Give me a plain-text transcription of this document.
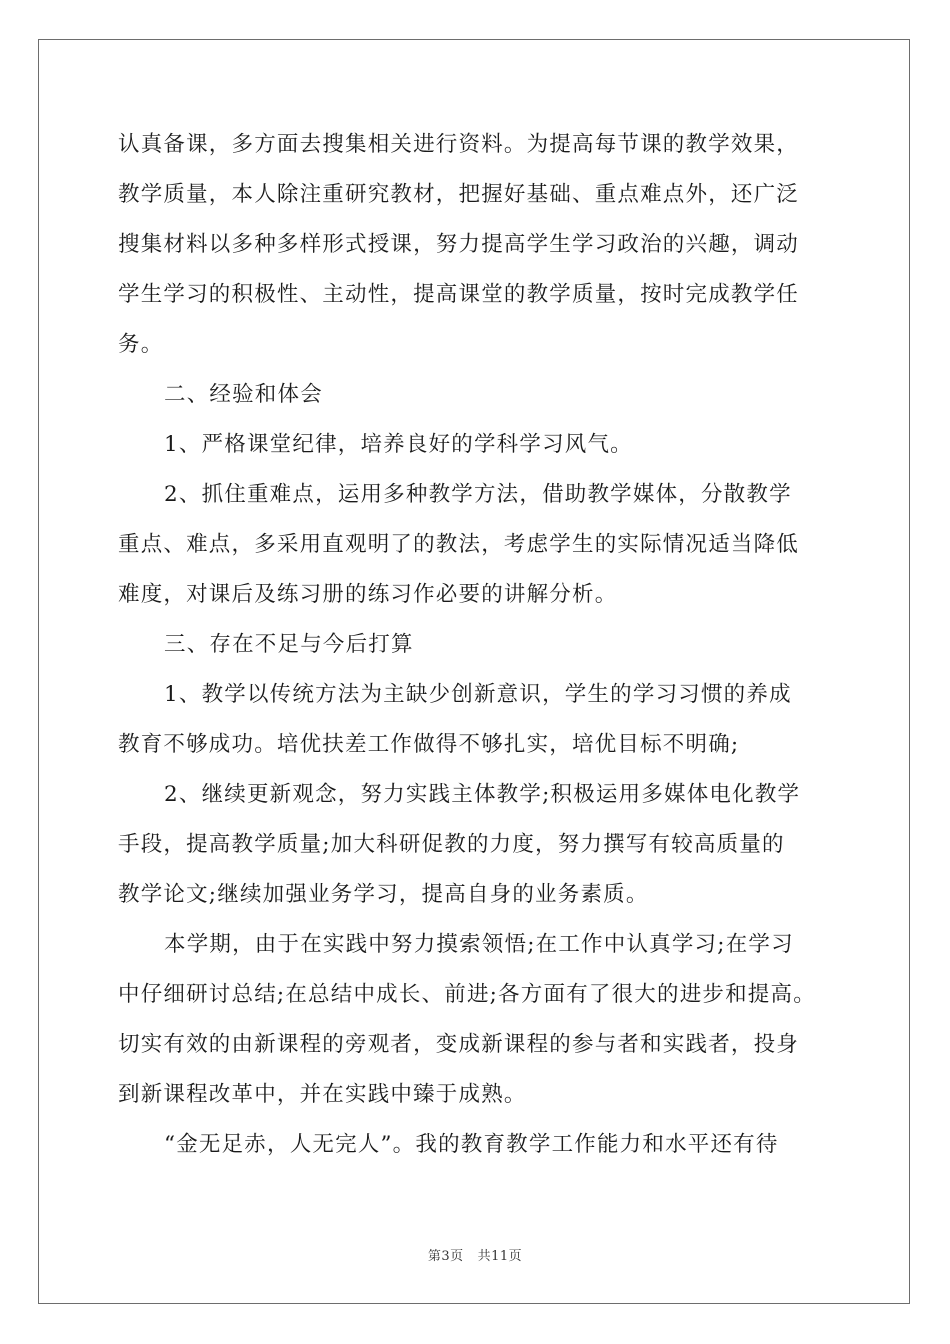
认真备课，多方面去搜集相关进行资料。为提高每节课的教学效果，

教学质量，本人除注重研究教材，把握好基础、重点难点外，还广泛

搜集材料以多种多样形式授课，努力提高学生学习政治的兴趣，调动

学生学习的积极性、主动性，提高课堂的教学质量，按时完成教学任

务。

二、经验和体会

1、严格课堂纪律，培养良好的学科学习风气。

2、抓住重难点，运用多种教学方法，借助教学媒体，分散教学

重点、难点，多采用直观明了的教法，考虑学生的实际情况适当降低

难度，对课后及练习册的练习作必要的讲解分析。

三、存在不足与今后打算

1、教学以传统方法为主缺少创新意识，学生的学习习惯的养成

教育不够成功。培优扶差工作做得不够扎实，培优目标不明确;

2、继续更新观念，努力实践主体教学;积极运用多媒体电化教学

手段，提高教学质量;加大科研促教的力度，努力撰写有较高质量的

教学论文;继续加强业务学习，提高自身的业务素质。

本学期，由于在实践中努力摸索领悟;在工作中认真学习;在学习

中仔细研讨总结;在总结中成长、前进;各方面有了很大的进步和提高。

切实有效的由新课程的旁观者，变成新课程的参与者和实践者，投身

到新课程改革中，并在实践中臻于成熟。

“金无足赤，人无完人”。我的教育教学工作能力和水平还有待

第3页 共11页
